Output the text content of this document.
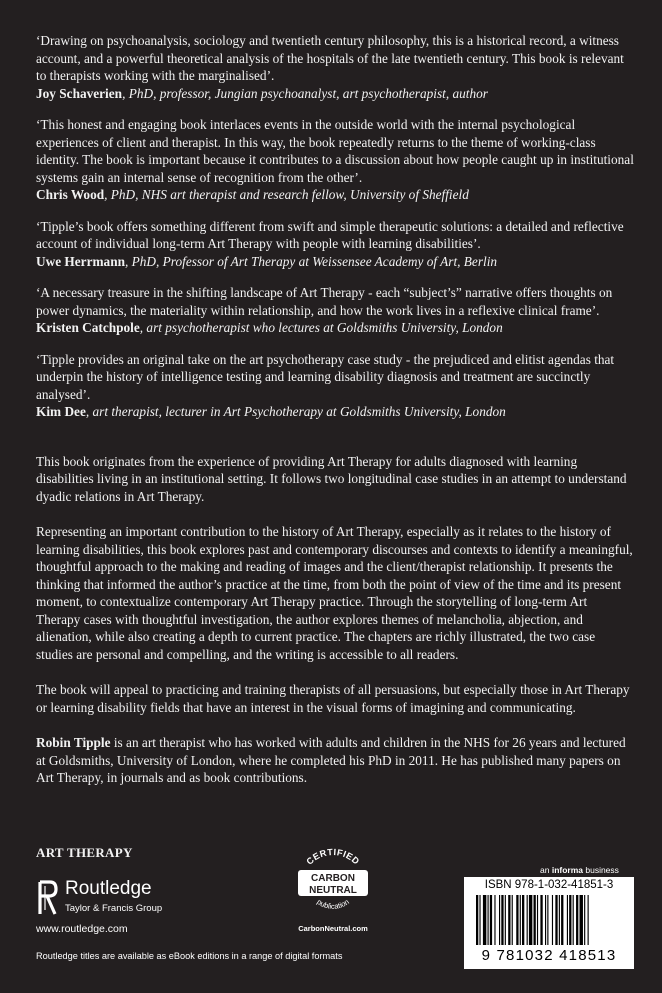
‘Drawing on psychoanalysis, sociology and twentieth century philosophy, this is a historical record, a witness account, and a powerful theoretical analysis of the hospitals of the late twentieth century. This book is relevant to therapists working with the marginalised’.
Joy Schaverien, PhD, professor, Jungian psychoanalyst, art psychotherapist, author

‘This honest and engaging book interlaces events in the outside world with the internal psychological experiences of client and therapist. In this way, the book repeatedly returns to the theme of working-class identity. The book is important because it contributes to a discussion about how people caught up in institutional systems gain an internal sense of recognition from the other’.
Chris Wood, PhD, NHS art therapist and research fellow, University of Sheffield

‘Tipple’s book offers something different from swift and simple therapeutic solutions: a detailed and reflective account of individual long-term Art Therapy with people with learning disabilities’.
Uwe Herrmann, PhD, Professor of Art Therapy at Weissensee Academy of Art, Berlin

‘A necessary treasure in the shifting landscape of Art Therapy - each “subject’s” narrative offers thoughts on power dynamics, the materiality within relationship, and how the work lives in a reflexive clinical frame’.
Kristen Catchpole, art psychotherapist who lectures at Goldsmiths University, London

‘Tipple provides an original take on the art psychotherapy case study - the prejudiced and elitist agendas that underpin the history of intelligence testing and learning disability diagnosis and treatment are succinctly analysed’.
Kim Dee, art therapist, lecturer in Art Psychotherapy at Goldsmiths University, London

This book originates from the experience of providing Art Therapy for adults diagnosed with learning disabilities living in an institutional setting. It follows two longitudinal case studies in an attempt to understand dyadic relations in Art Therapy.

Representing an important contribution to the history of Art Therapy, especially as it relates to the history of learning disabilities, this book explores past and contemporary discourses and contexts to identify a meaningful, thoughtful approach to the making and reading of images and the client/therapist relationship. It presents the thinking that informed the author’s practice at the time, from both the point of view of the time and its present moment, to contextualize contemporary Art Therapy practice. Through the storytelling of long-term Art Therapy cases with thoughtful investigation, the author explores themes of melancholia, abjection, and alienation, while also creating a depth to current practice. The chapters are richly illustrated, the two case studies are personal and compelling, and the writing is accessible to all readers.

The book will appeal to practicing and training therapists of all persuasions, but especially those in Art Therapy or learning disability fields that have an interest in the visual forms of imagining and communicating.

Robin Tipple is an art therapist who has worked with adults and children in the NHS for 26 years and lectured at Goldsmiths, University of London, where he completed his PhD in 2011. He has published many papers on Art Therapy, in journals and as book contributions.

ART THERAPY
Routledge
Taylor & Francis Group
www.routledge.com
Routledge titles are available as eBook editions in a range of digital formats
CERTIFIED
CARBON
NEUTRAL
publication
CarbonNeutral.com
an informa business
ISBN 978-1-032-41851-3
9 781032 418513
